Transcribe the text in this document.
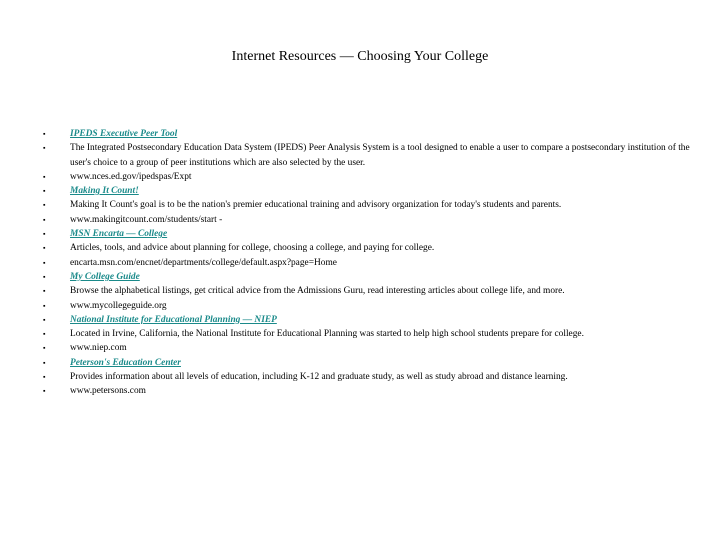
Internet Resources — Choosing Your College
▪	IPEDS Executive Peer Tool
▪	The Integrated Postsecondary Education Data System (IPEDS) Peer Analysis System is a tool designed to enable a user to compare a postsecondary institution of the user's choice to a group of peer institutions which are also selected by the user.
▪	www.nces.ed.gov/ipedspas/Expt
▪	Making It Count!
▪	Making It Count's goal is to be the nation's premier educational training and advisory organization for today's students and parents.
▪	www.makingitcount.com/students/start -
▪	MSN Encarta — College
▪	Articles, tools, and advice about planning for college, choosing a college, and paying for college.
▪	encarta.msn.com/encnet/departments/college/default.aspx?page=Home
▪	My College Guide
▪	Browse the alphabetical listings, get critical advice from the Admissions Guru, read interesting articles about college life, and more.
▪	www.mycollegeguide.org
▪	National Institute for Educational Planning — NIEP
▪	Located in Irvine, California, the National Institute for Educational Planning was started to help high school students prepare for college.
▪	www.niep.com
▪	Peterson's Education Center
▪	Provides information about all levels of education, including K-12 and graduate study, as well as study abroad and distance learning.
▪	www.petersons.com
